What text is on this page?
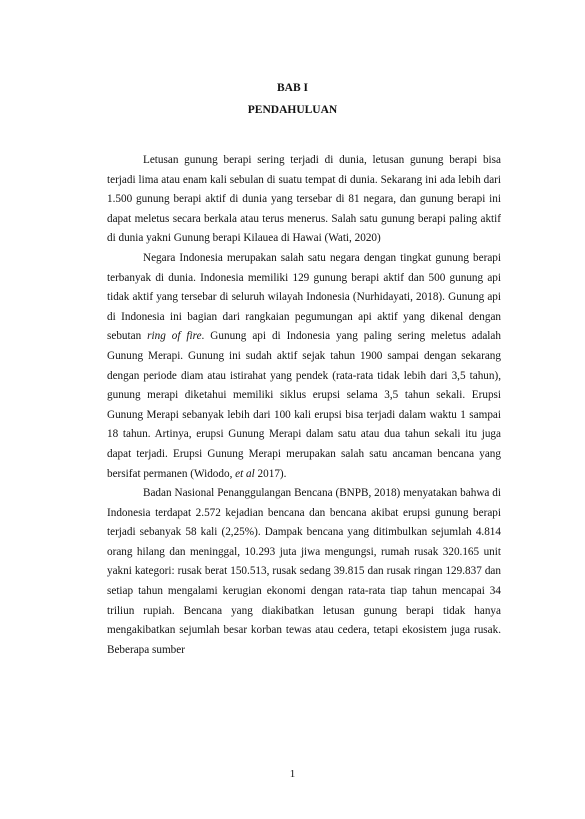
BAB I
PENDAHULUAN

Letusan gunung berapi sering terjadi di dunia, letusan gunung berapi bisa terjadi lima atau enam kali sebulan di suatu tempat di dunia. Sekarang ini ada lebih dari 1.500 gunung berapi aktif di dunia yang tersebar di 81 negara, dan gunung berapi ini dapat meletus secara berkala atau terus menerus. Salah satu gunung berapi paling aktif di dunia yakni Gunung berapi Kilauea di Hawai (Wati, 2020)

Negara Indonesia merupakan salah satu negara dengan tingkat gunung berapi terbanyak di dunia. Indonesia memiliki 129 gunung berapi aktif dan 500 gunung api tidak aktif yang tersebar di seluruh wilayah Indonesia (Nurhidayati, 2018). Gunung api di Indonesia ini bagian dari rangkaian pegumungan api aktif yang dikenal dengan sebutan ring of fire. Gunung api di Indonesia yang paling sering meletus adalah Gunung Merapi. Gunung ini sudah aktif sejak tahun 1900 sampai dengan sekarang dengan periode diam atau istirahat yang pendek (rata-rata tidak lebih dari 3,5 tahun), gunung merapi diketahui memiliki siklus erupsi selama 3,5 tahun sekali. Erupsi Gunung Merapi sebanyak lebih dari 100 kali erupsi bisa terjadi dalam waktu 1 sampai 18 tahun. Artinya, erupsi Gunung Merapi dalam satu atau dua tahun sekali itu juga dapat terjadi. Erupsi Gunung Merapi merupakan salah satu ancaman bencana yang bersifat permanen (Widodo, et al 2017).

Badan Nasional Penanggulangan Bencana (BNPB, 2018) menyatakan bahwa di Indonesia terdapat 2.572 kejadian bencana dan bencana akibat erupsi gunung berapi terjadi sebanyak 58 kali (2,25%). Dampak bencana yang ditimbulkan sejumlah 4.814 orang hilang dan meninggal, 10.293 juta jiwa mengungsi, rumah rusak 320.165 unit yakni kategori: rusak berat 150.513, rusak sedang 39.815 dan rusak ringan 129.837 dan setiap tahun mengalami kerugian ekonomi dengan rata-rata tiap tahun mencapai 34 triliun rupiah. Bencana yang diakibatkan letusan gunung berapi tidak hanya mengakibatkan sejumlah besar korban tewas atau cedera, tetapi ekosistem juga rusak. Beberapa sumber

1
